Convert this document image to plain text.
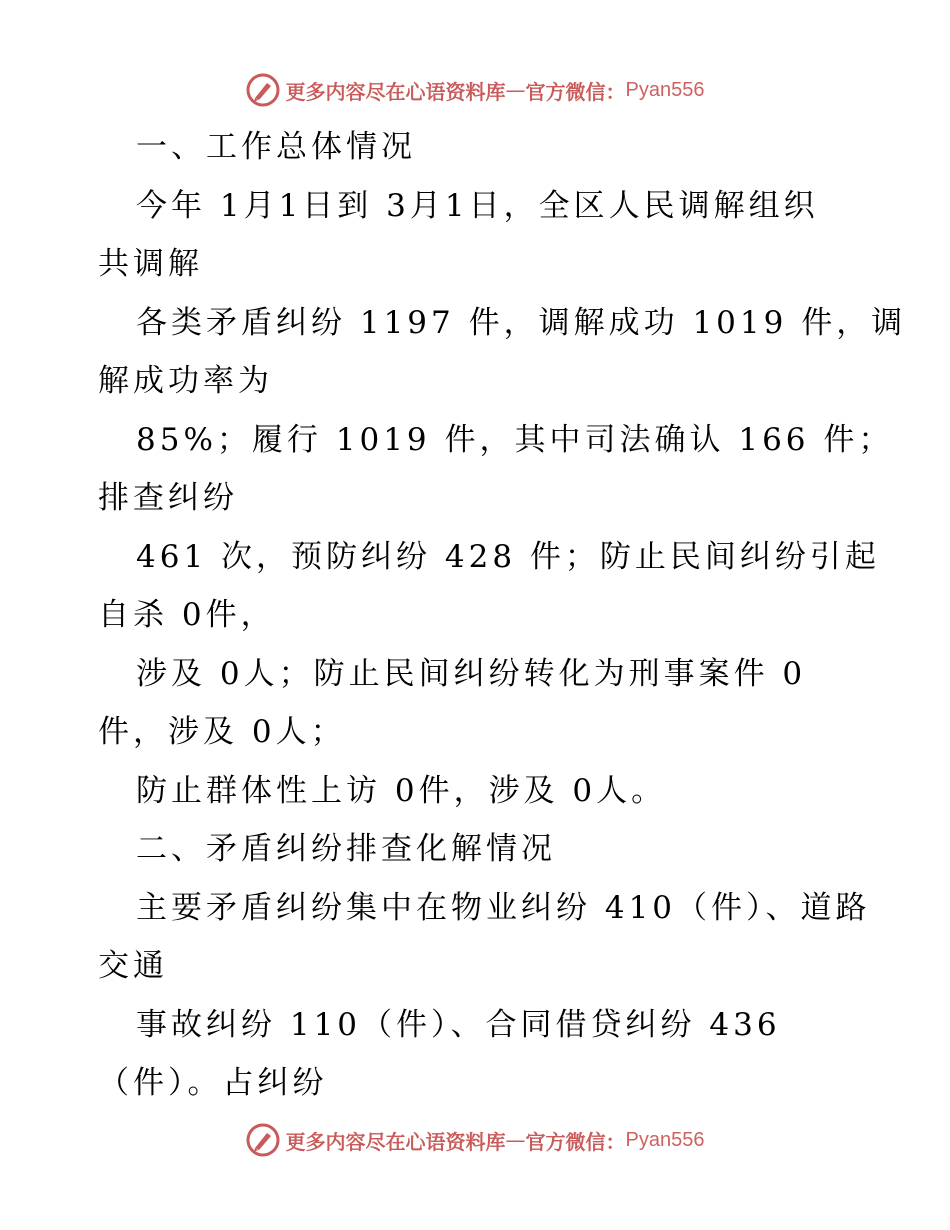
更多内容尽在心语资料库 — 官方微信： Pyan556
一、工作总体情况
今年 1月1日到 3月1日，全区人民调解组织
共调解
各类矛盾纠纷 1197 件，调解成功 1019 件，调
解成功率为
85%；履行 1019 件，其中司法确认 166 件；
排查纠纷
461 次，预防纠纷 428 件；防止民间纠纷引起
自杀 0件，
涉及 0人；防止民间纠纷转化为刑事案件 0
件，涉及 0人；
防止群体性上访 0件，涉及 0人。
二、矛盾纠纷排查化解情况
主要矛盾纠纷集中在物业纠纷 410（件）、道路
交通
事故纠纷 110（件）、合同借贷纠纷 436
（件）。占纠纷
更多内容尽在心语资料库 — 官方微信： Pyan556
